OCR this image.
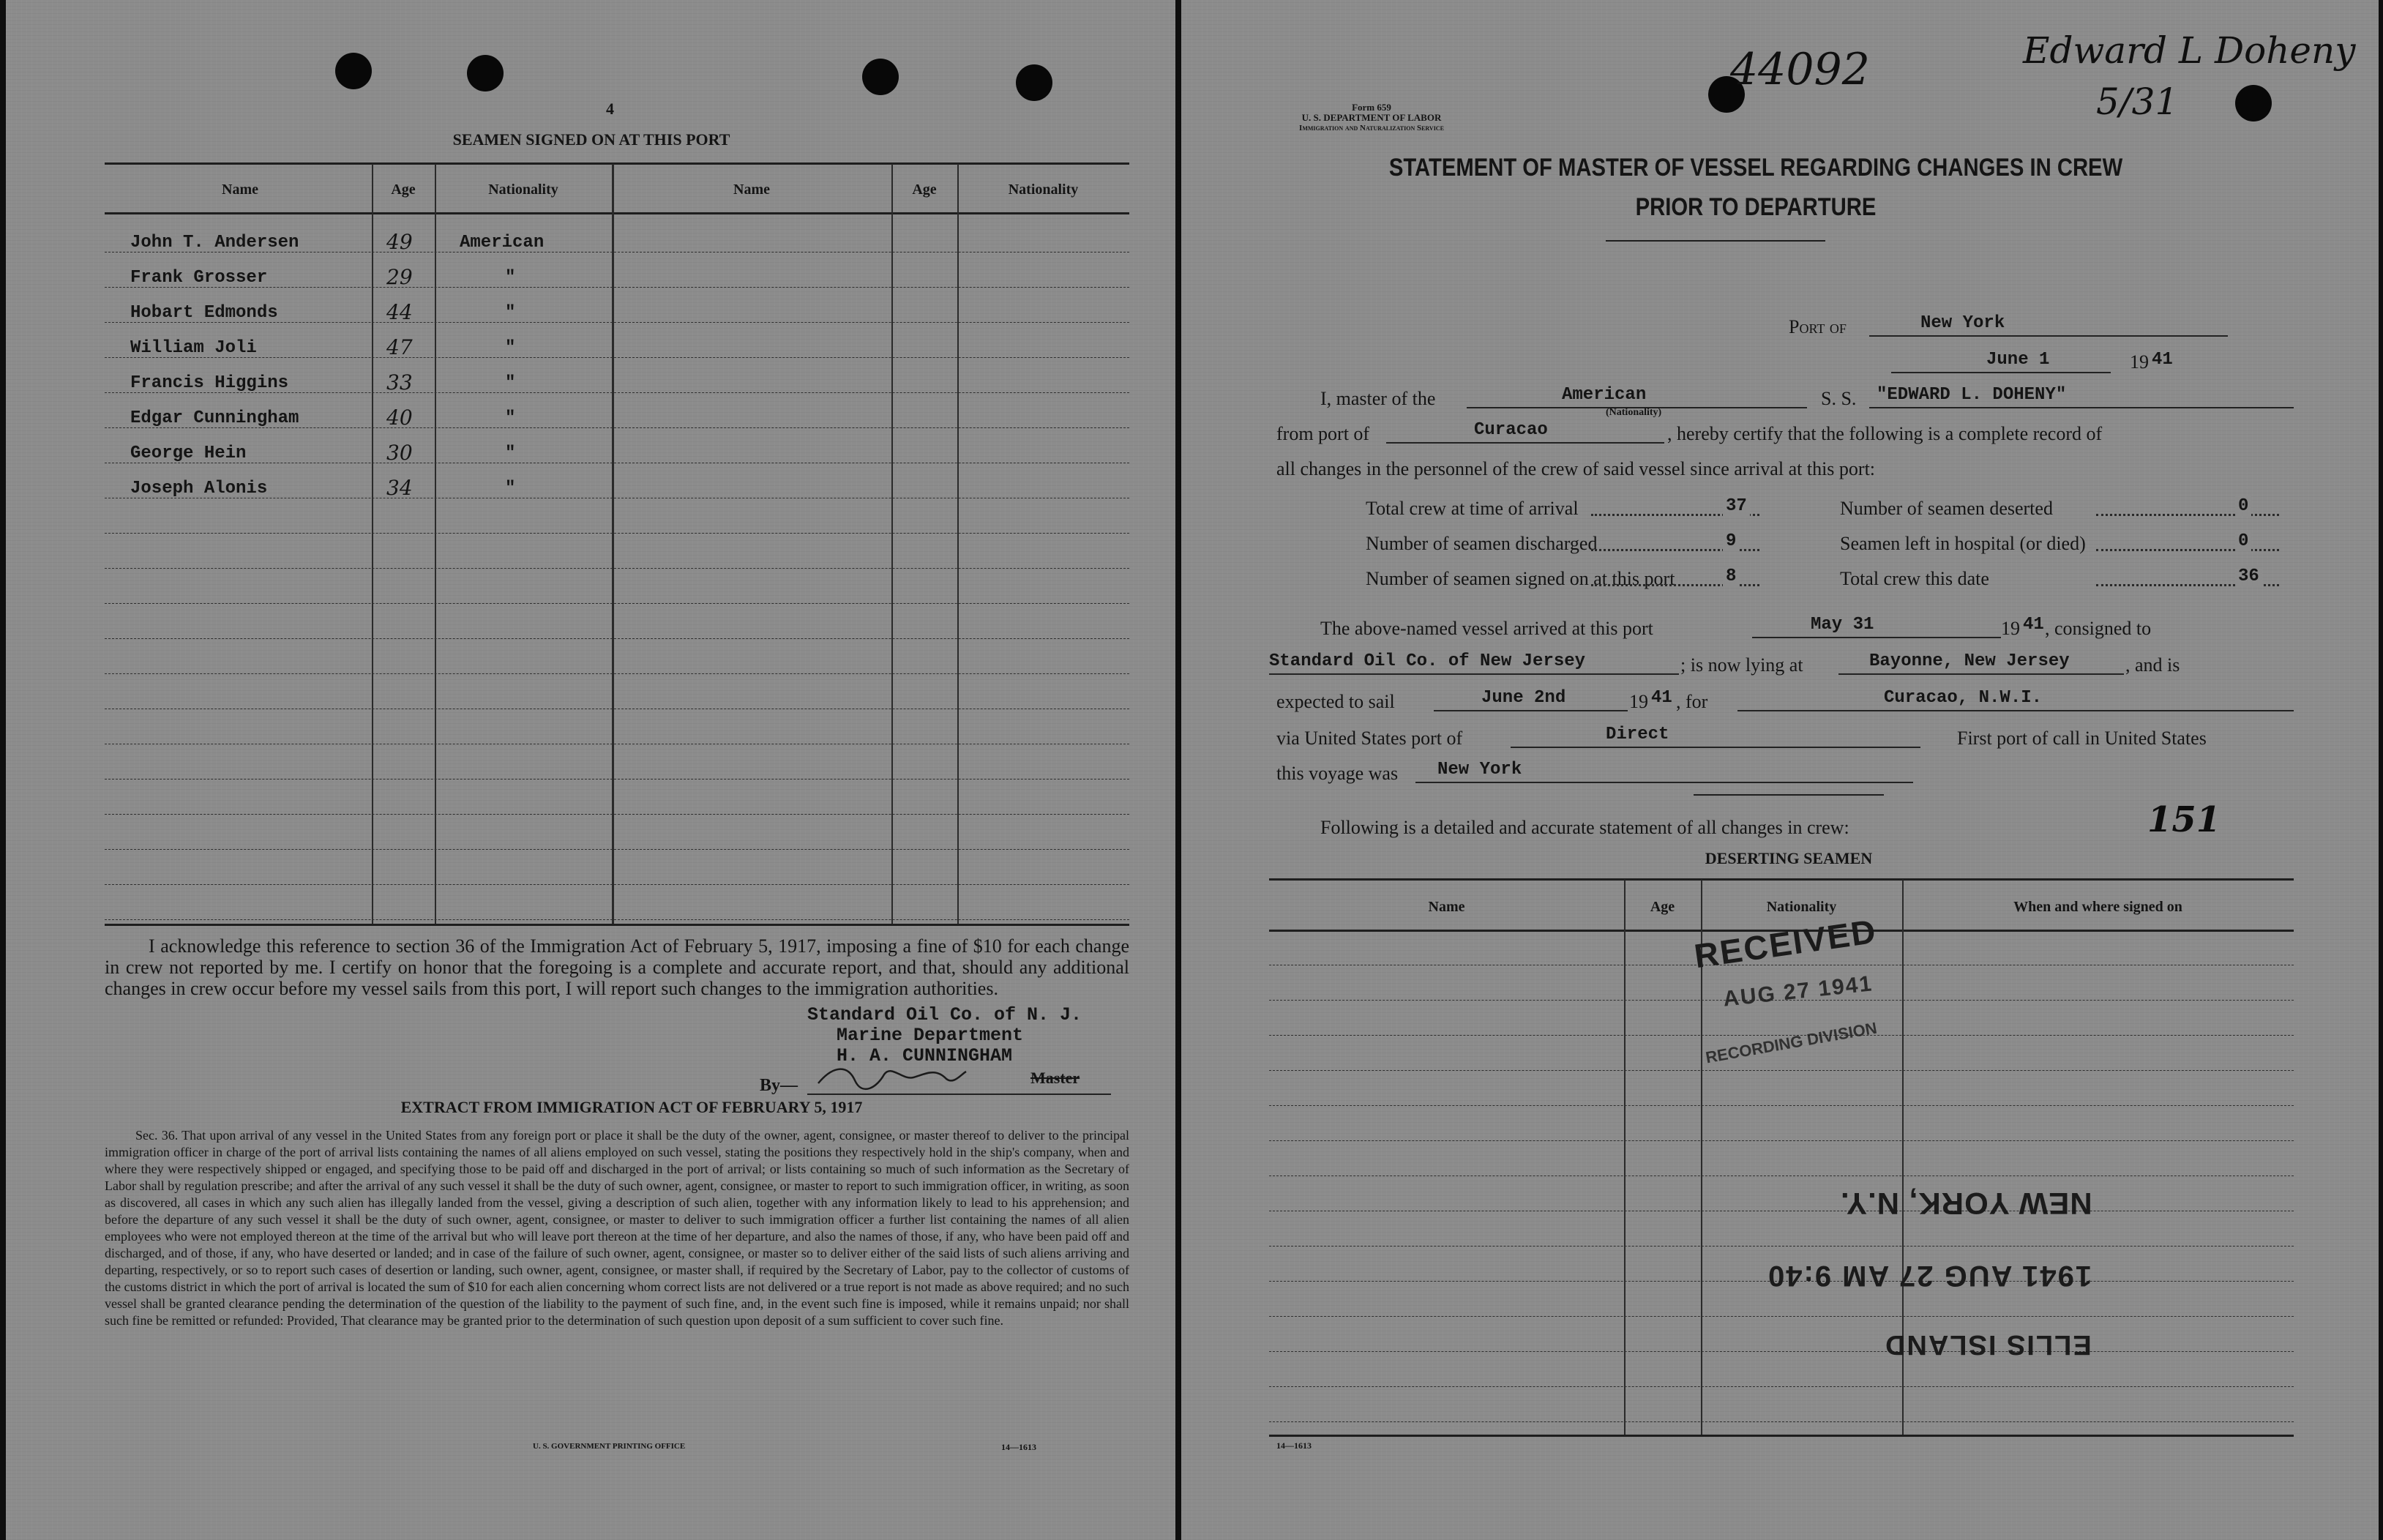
4
SEAMEN SIGNED ON AT THIS PORT
Name	Age	Nationality	Name	Age	Nationality
John T. Andersen	49	American
Frank Grosser	29	"
Hobart Edmonds	44	"
William Joli	47	"
Francis Higgins	33	"
Edgar Cunningham	40	"
George Hein	30	"
Joseph Alonis	34	"

I acknowledge this reference to section 36 of the Immigration Act of February 5, 1917, imposing a fine of $10 for each change in crew not reported by me. I certify on honor that the foregoing is a complete and accurate report, and that, should any additional changes in crew occur before my vessel sails from this port, I will report such changes to the immigration authorities.

Standard Oil Co. of N. J.
Marine Department
H. A. CUNNINGHAM
By—	Master
EXTRACT FROM IMMIGRATION ACT OF FEBRUARY 5, 1917

Sec. 36. That upon arrival of any vessel in the United States from any foreign port or place it shall be the duty of the owner, agent, consignee, or master thereof to deliver to the principal immigration officer in charge of the port of arrival lists containing the names of all aliens employed on such vessel, stating the positions they respectively hold in the ship's company, when and where they were respectively shipped or engaged, and specifying those to be paid off and discharged in the port of arrival; or lists containing so much of such information as the Secretary of Labor shall by regulation prescribe; and after the arrival of any such vessel it shall be the duty of such owner, agent, consignee, or master to report to such immigration officer, in writing, as soon as discovered, all cases in which any such alien has illegally landed from the vessel, giving a description of such alien, together with any information likely to lead to his apprehension; and before the departure of any such vessel it shall be the duty of such owner, agent, consignee, or master to deliver to such immigration officer a further list containing the names of all alien employees who were not employed thereon at the time of the arrival but who will leave port thereon at the time of her departure, and also the names of those, if any, who have been paid off and discharged, and of those, if any, who have deserted or landed; and in case of the failure of such owner, agent, consignee, or master so to deliver either of the said lists of such aliens arriving and departing, respectively, or so to report such cases of desertion or landing, such owner, agent, consignee, or master shall, if required by the Secretary of Labor, pay to the collector of customs of the customs district in which the port of arrival is located the sum of $10 for each alien concerning whom correct lists are not delivered or a true report is not made as above required; and no such vessel shall be granted clearance pending the determination of the question of the liability to the payment of such fine, and, in the event such fine is imposed, while it remains unpaid; nor shall such fine be remitted or refunded: Provided, That clearance may be granted prior to the determination of such question upon deposit of a sum sufficient to cover such fine.

U. S. GOVERNMENT PRINTING OFFICE	14—1613
44092	Edward L Doheny
5/31
Form 659
U. S. DEPARTMENT OF LABOR
Immigration and Naturalization Service
STATEMENT OF MASTER OF VESSEL REGARDING CHANGES IN CREW
PRIOR TO DEPARTURE
Port of	New York
June 1	19 41
I, master of the	American
(Nationality)
S. S. "EDWARD L. DOHENY"
from port of	Curacao	, hereby certify that the following is a complete record of
all changes in the personnel of the crew of said vessel since arrival at this port:
Total crew at time of arrival	37
Number of seamen discharged	9
Number of seamen signed on at this port	8
Number of seamen deserted	0
Seamen left in hospital (or died)	0
Total crew this date	36
The above-named vessel arrived at this port	May 31	19 41 , consigned to
Standard Oil Co. of New Jersey	; is now lying at	Bayonne, New Jersey	, and is
expected to sail	June 2nd	19 41 , for	Curacao, N.W.I.
via United States port of	Direct	First port of call in United States
this voyage was New York
Following is a detailed and accurate statement of all changes in crew:	151
DESERTING SEAMEN
Name	Age	Nationality	When and where signed on
RECEIVED
AUG 27 1941
RECORDING DIVISION
NEW YORK, N.Y.
1941 AUG 27 AM 9:40
ELLIS ISLAND
14—1613
